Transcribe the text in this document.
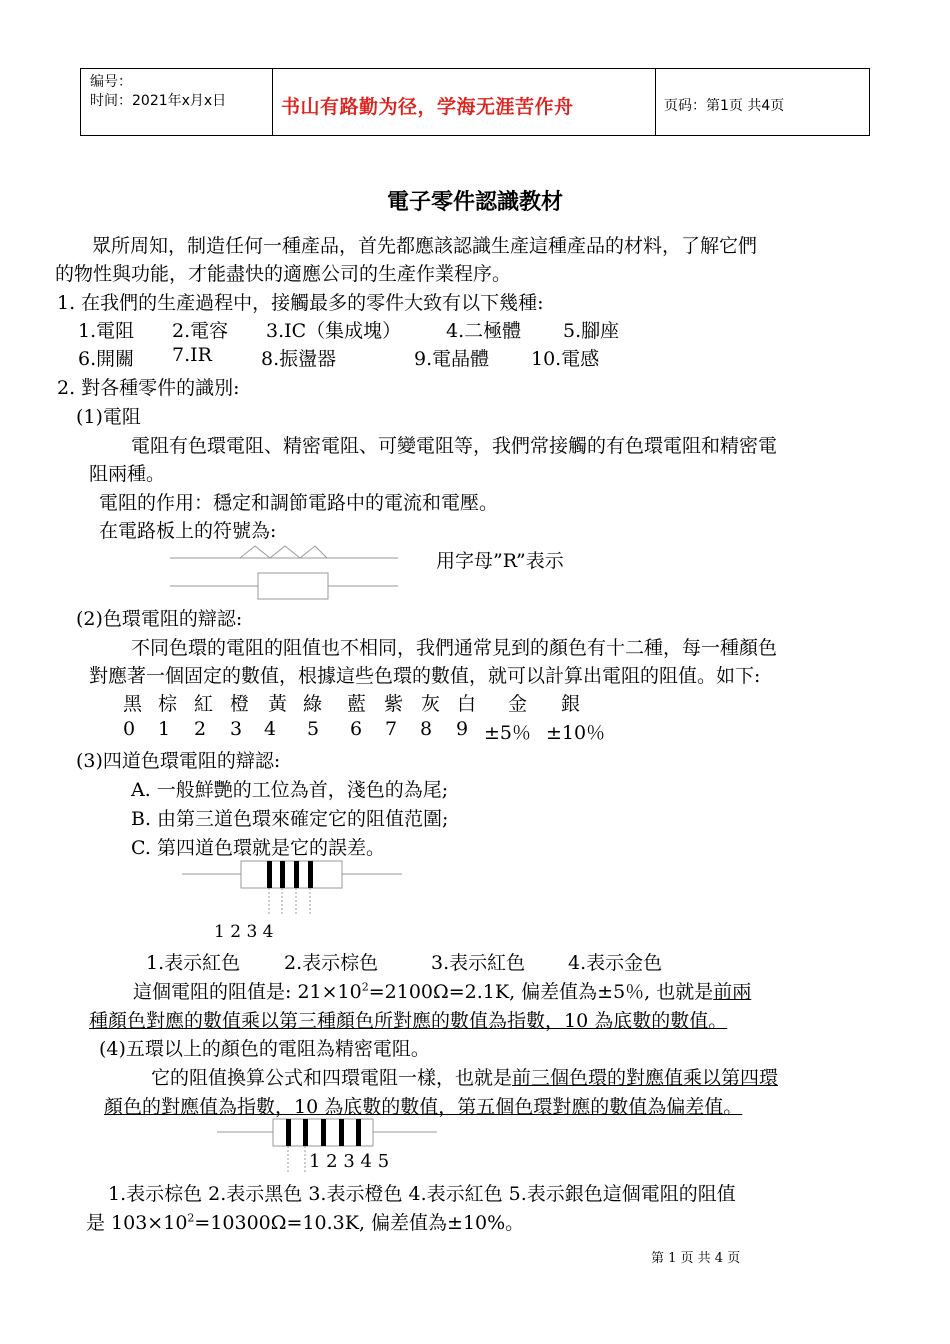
编号：
时间：2021年x月x日	书山有路勤为径，学海无涯苦作舟	页码：第1页 共4页
電子零件認識教材
眾所周知，制造任何一種產品，首先都應該認識生產這種產品的材料，了解它們
的物性與功能，才能盡快的適應公司的生產作業程序。
1. 在我們的生產過程中，接觸最多的零件大致有以下幾種:
1.電阻 2.電容 3.IC（集成塊） 4.二極體 5.腳座
6.開關 7.IR	8.振盪器	9.電晶體 10.電感
2. 對各種零件的識別:
(1)電阻
電阻有色環電阻、精密電阻、可變電阻等，我們常接觸的有色環電阻和精密電
阻兩種。
電阻的作用：穩定和調節電路中的電流和電壓。
在電路板上的符號為:
用字母”R”表示
(2)色環電阻的辯認:
不同色環的電阻的阻值也不相同，我們通常見到的顏色有十二種，每一種顏色
對應著一個固定的數值，根據這些色環的數值，就可以計算出電阻的阻值。如下:
黑 棕 紅 橙 黃 綠 藍 紫 灰 白 金 銀
0 1 2 3 4 5 6 7 8 9 ±5％ ±10％
(3)四道色環電阻的辯認:
A. 一般鮮艷的工位為首，淺色的為尾;
B. 由第三道色環來確定它的阻值范圍;
C. 第四道色環就是它的誤差。
1 2 3 4
1.表示紅色 2.表示棕色	3.表示紅色 4.表示金色
這個電阻的阻值是: $21\times 10^2=2100\Omega=2.1K$, 偏差值為±5％, 也就是前兩
種顏色對應的數值乘以第三種顏色所對應的數值為指數，10 為底數的數值。
(4)五環以上的顏色的電阻為精密電阻。
它的阻值換算公式和四環電阻一樣，也就是前三個色環的對應值乘以第四環
顏色的對應值為指數，10 為底數的數值，第五個色環對應的數值為偏差值。
1 2 3 4 5
1.表示棕色 2.表示黑色 3.表示橙色 4.表示紅色 5.表示銀色這個電阻的阻值
是 $103\times 10^2=10300\Omega=10.3K$, 偏差值為±10%。
第 1 页 共 4 页
